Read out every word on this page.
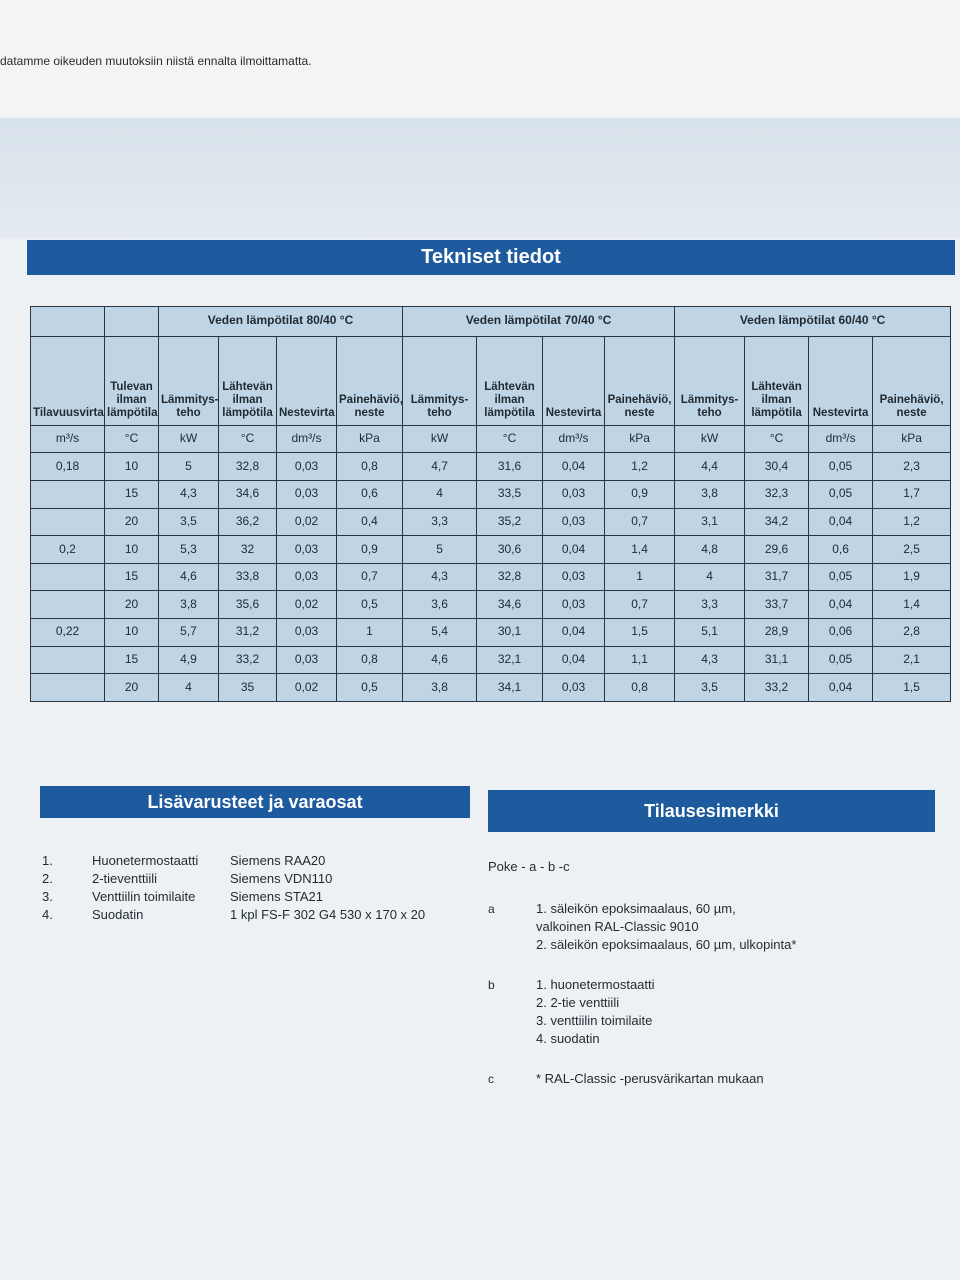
datamme oikeuden muutoksiin niistä ennalta ilmoittamatta.
Tekniset tiedot
		Veden lämpötilat 80/40 °C				Veden lämpötilat 70/40 °C				Veden lämpötilat 60/40 °C			
Tilavuusvirta	Tulevan ilman lämpötila	Lämmitys-teho	Lähtevän ilman lämpötila	Nestevirta	Painehäviö, neste	Lämmitys-teho	Lähtevän ilman lämpötila	Nestevirta	Painehäviö, neste	Lämmitys-teho	Lähtevän ilman lämpötila	Nestevirta	Painehäviö, neste
m³/s	°C	kW	°C	dm³/s	kPa	kW	°C	dm³/s	kPa	kW	°C	dm³/s	kPa
0,18	10	5	32,8	0,03	0,8	4,7	31,6	0,04	1,2	4,4	30,4	0,05	2,3
	15	4,3	34,6	0,03	0,6	4	33,5	0,03	0,9	3,8	32,3	0,05	1,7
	20	3,5	36,2	0,02	0,4	3,3	35,2	0,03	0,7	3,1	34,2	0,04	1,2
0,2	10	5,3	32	0,03	0,9	5	30,6	0,04	1,4	4,8	29,6	0,6	2,5
	15	4,6	33,8	0,03	0,7	4,3	32,8	0,03	1	4	31,7	0,05	1,9
	20	3,8	35,6	0,02	0,5	3,6	34,6	0,03	0,7	3,3	33,7	0,04	1,4
0,22	10	5,7	31,2	0,03	1	5,4	30,1	0,04	1,5	5,1	28,9	0,06	2,8
	15	4,9	33,2	0,03	0,8	4,6	32,1	0,04	1,1	4,3	31,1	0,05	2,1
	20	4	35	0,02	0,5	3,8	34,1	0,03	0,8	3,5	33,2	0,04	1,5
Lisävarusteet ja varaosat
1.	Huonetermostaatti	Siemens RAA20
2.	2-tieventtiili	Siemens VDN110
3.	Venttiilin toimilaite	Siemens STA21
4.	Suodatin	1 kpl FS-F 302 G4 530 x 170 x 20
Tilausesimerkki
Poke - a - b -c
a	1. säleikön epoksimaalaus, 60 µm,
valkoinen RAL-Classic 9010
2. säleikön epoksimaalaus, 60 µm, ulkopinta*
b	1. huonetermostaatti
2. 2-tie venttiili
3. venttiilin toimilaite
4. suodatin
c	* RAL-Classic -perusvärikartan mukaan
